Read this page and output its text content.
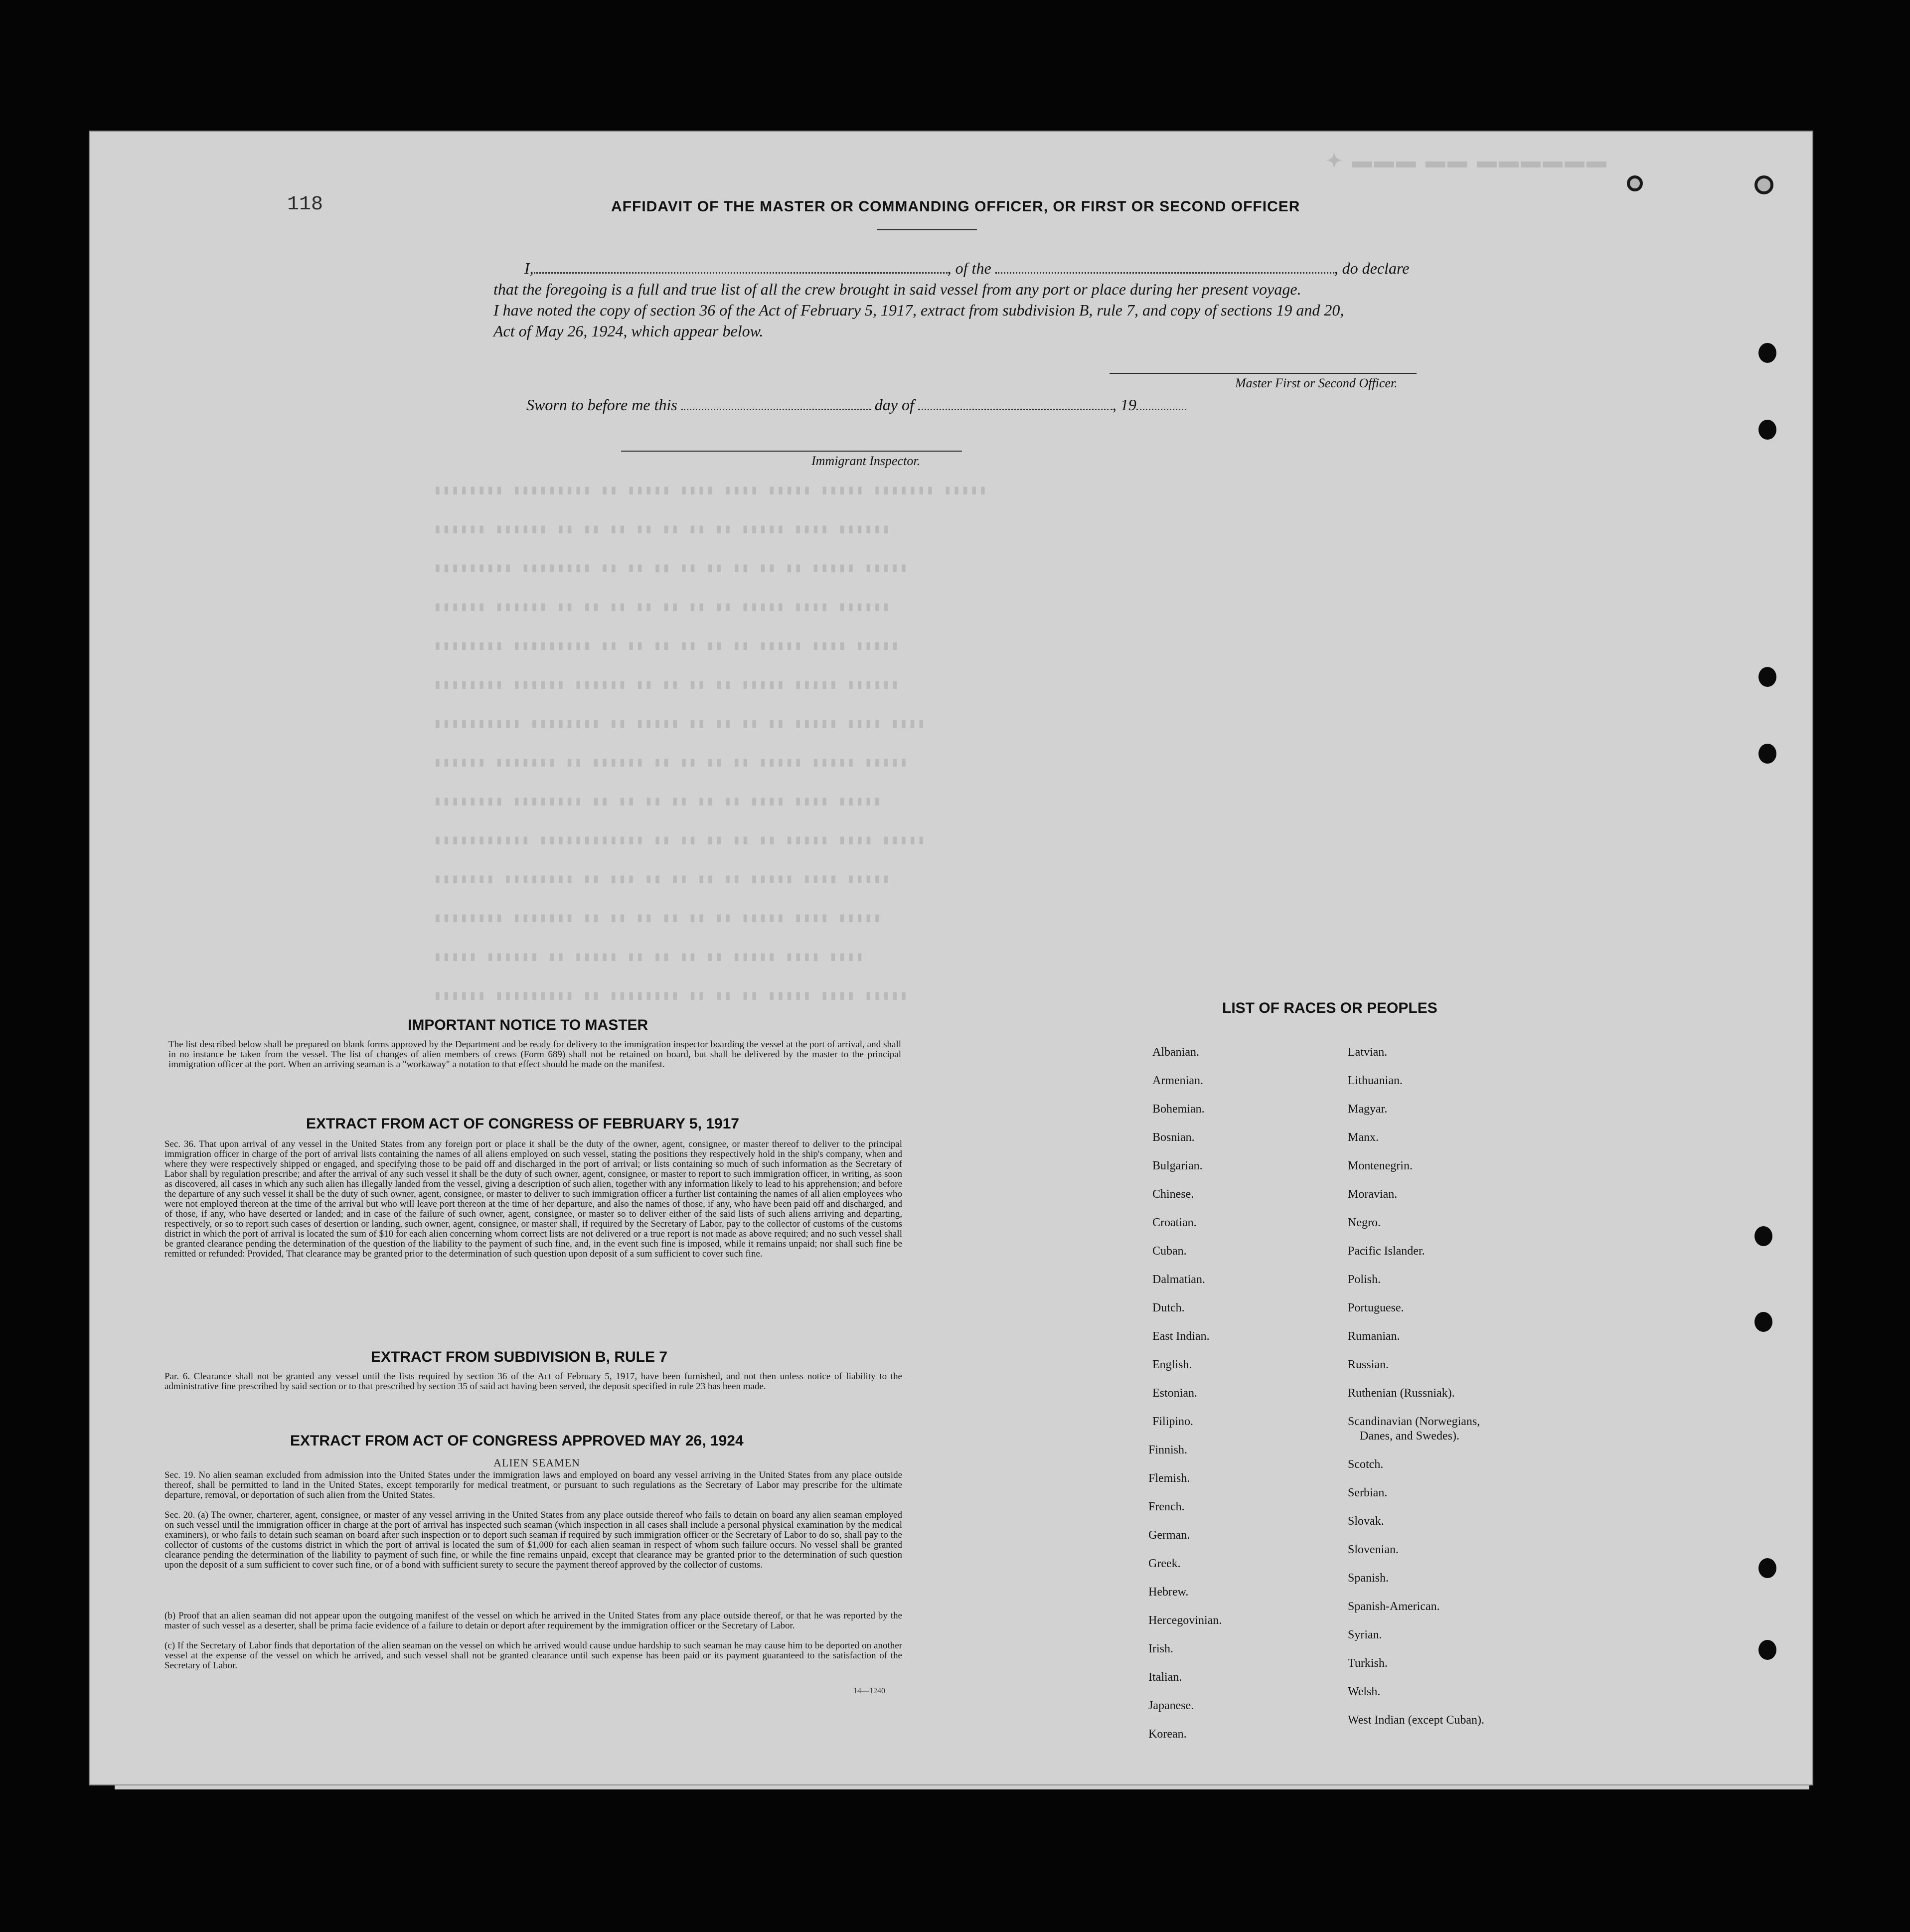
✦ ▬▬▬ ▬▬ ▬▬▬▬▬▬
▮▮▮▮▮▮▮▮ ▮▮▮▮▮▮▮▮▮ ▮▮ ▮▮▮▮▮ ▮▮▮▮ ▮▮▮▮ ▮▮▮▮▮ ▮▮▮▮▮ ▮▮▮▮▮▮▮ ▮▮▮▮▮
▮▮▮▮▮▮ ▮▮▮▮▮▮ ▮▮ ▮▮ ▮▮ ▮▮ ▮▮ ▮▮ ▮▮ ▮▮▮▮▮ ▮▮▮▮ ▮▮▮▮▮▮
▮▮▮▮▮▮▮▮▮ ▮▮▮▮▮▮▮▮ ▮▮ ▮▮ ▮▮ ▮▮ ▮▮ ▮▮ ▮▮ ▮▮ ▮▮▮▮▮ ▮▮▮▮▮
▮▮▮▮▮▮ ▮▮▮▮▮▮ ▮▮ ▮▮ ▮▮ ▮▮ ▮▮ ▮▮ ▮▮ ▮▮▮▮▮ ▮▮▮▮ ▮▮▮▮▮▮
▮▮▮▮▮▮▮▮ ▮▮▮▮▮▮▮▮▮ ▮▮ ▮▮ ▮▮ ▮▮ ▮▮ ▮▮ ▮▮▮▮▮ ▮▮▮▮ ▮▮▮▮▮
▮▮▮▮▮▮▮▮ ▮▮▮▮▮▮ ▮▮▮▮▮▮ ▮▮ ▮▮ ▮▮ ▮▮ ▮▮▮▮▮ ▮▮▮▮▮ ▮▮▮▮▮▮
▮▮▮▮▮▮▮▮▮▮ ▮▮▮▮▮▮▮▮ ▮▮ ▮▮▮▮▮ ▮▮ ▮▮ ▮▮ ▮▮ ▮▮▮▮▮ ▮▮▮▮ ▮▮▮▮
▮▮▮▮▮▮ ▮▮▮▮▮▮▮ ▮▮ ▮▮▮▮▮▮ ▮▮ ▮▮ ▮▮ ▮▮ ▮▮▮▮▮ ▮▮▮▮▮ ▮▮▮▮▮
▮▮▮▮▮▮▮▮ ▮▮▮▮▮▮▮▮ ▮▮ ▮▮ ▮▮ ▮▮ ▮▮ ▮▮ ▮▮▮▮ ▮▮▮▮ ▮▮▮▮▮
▮▮▮▮▮▮▮▮▮▮▮ ▮▮▮▮▮▮▮▮▮▮▮▮ ▮▮ ▮▮ ▮▮ ▮▮ ▮▮ ▮▮▮▮▮ ▮▮▮▮ ▮▮▮▮▮
▮▮▮▮▮▮▮ ▮▮▮▮▮▮▮▮ ▮▮ ▮▮▮ ▮▮ ▮▮ ▮▮ ▮▮ ▮▮▮▮▮ ▮▮▮▮ ▮▮▮▮▮
▮▮▮▮▮▮▮▮ ▮▮▮▮▮▮▮ ▮▮ ▮▮ ▮▮ ▮▮ ▮▮ ▮▮ ▮▮▮▮▮ ▮▮▮▮ ▮▮▮▮▮
▮▮▮▮▮ ▮▮▮▮▮▮ ▮▮ ▮▮▮▮▮ ▮▮ ▮▮ ▮▮ ▮▮ ▮▮▮▮▮ ▮▮▮▮ ▮▮▮▮
▮▮▮▮▮▮ ▮▮▮▮▮▮▮▮▮ ▮▮ ▮▮▮▮▮▮▮▮ ▮▮ ▮▮ ▮▮ ▮▮▮▮▮ ▮▮▮▮ ▮▮▮▮▮
118	AFFIDAVIT OF THE MASTER OR COMMANDING OFFICER, OR FIRST OR SECOND OFFICER
I,	, of the	, do declare
that the foregoing is a full and true list of all the crew brought in said vessel from any port or place during her present voyage.
I have noted the copy of section 36 of the Act of February 5, 1917, extract from subdivision B, rule 7, and copy of sections 19 and 20,
Act of May 26, 1924, which appear below.
Master First or Second Officer.
Sworn to before me this	day of	, 19
Immigrant Inspector.
IMPORTANT NOTICE TO MASTER
The list described below shall be prepared on blank forms approved by the Department and be ready for delivery to the immigration inspector boarding the vessel at the port of arrival, and shall in no instance be taken from the vessel. The list of changes of alien members of crews (Form 689) shall not be retained on board, but shall be delivered by the master to the principal immigration officer at the port. When an arriving seaman is a "workaway" a notation to that effect should be made on the manifest.
EXTRACT FROM ACT OF CONGRESS OF FEBRUARY 5, 1917
Sec. 36. That upon arrival of any vessel in the United States from any foreign port or place it shall be the duty of the owner, agent, consignee, or master thereof to deliver to the principal immigration officer in charge of the port of arrival lists containing the names of all aliens employed on such vessel, stating the positions they respectively hold in the ship's company, when and where they were respectively shipped or engaged, and specifying those to be paid off and discharged in the port of arrival; or lists containing so much of such information as the Secretary of Labor shall by regulation prescribe; and after the arrival of any such vessel it shall be the duty of such owner, agent, consignee, or master to report to such immigration officer, in writing, as soon as discovered, all cases in which any such alien has illegally landed from the vessel, giving a description of such alien, together with any information likely to lead to his apprehension; and before the departure of any such vessel it shall be the duty of such owner, agent, consignee, or master to deliver to such immigration officer a further list containing the names of all alien employees who were not employed thereon at the time of the arrival but who will leave port thereon at the time of her departure, and also the names of those, if any, who have been paid off and discharged, and of those, if any, who have deserted or landed; and in case of the failure of such owner, agent, consignee, or master so to deliver either of the said lists of such aliens arriving and departing, respectively, or so to report such cases of desertion or landing, such owner, agent, consignee, or master shall, if required by the Secretary of Labor, pay to the collector of customs of the customs district in which the port of arrival is located the sum of $10 for each alien concerning whom correct lists are not delivered or a true report is not made as above required; and no such vessel shall be granted clearance pending the determination of the question of the liability to the payment of such fine, and, in the event such fine is imposed, while it remains unpaid; nor shall such fine be remitted or refunded: Provided, That clearance may be granted prior to the determination of such question upon deposit of a sum sufficient to cover such fine.
EXTRACT FROM SUBDIVISION B, RULE 7
Par. 6. Clearance shall not be granted any vessel until the lists required by section 36 of the Act of February 5, 1917, have been furnished, and not then unless notice of liability to the administrative fine prescribed by said section or to that prescribed by section 35 of said act having been served, the deposit specified in rule 23 has been made.
EXTRACT FROM ACT OF CONGRESS APPROVED MAY 26, 1924
ALIEN SEAMEN
Sec. 19. No alien seaman excluded from admission into the United States under the immigration laws and employed on board any vessel arriving in the United States from any place outside thereof, shall be permitted to land in the United States, except temporarily for medical treatment, or pursuant to such regulations as the Secretary of Labor may prescribe for the ultimate departure, removal, or deportation of such alien from the United States.
Sec. 20. (a) The owner, charterer, agent, consignee, or master of any vessel arriving in the United States from any place outside thereof who fails to detain on board any alien seaman employed on such vessel until the immigration officer in charge at the port of arrival has inspected such seaman (which inspection in all cases shall include a personal physical examination by the medical examiners), or who fails to detain such seaman on board after such inspection or to deport such seaman if required by such immigration officer or the Secretary of Labor to do so, shall pay to the collector of customs of the customs district in which the port of arrival is located the sum of $1,000 for each alien seaman in respect of whom such failure occurs. No vessel shall be granted clearance pending the determination of the liability to payment of such fine, or while the fine remains unpaid, except that clearance may be granted prior to the determination of such question upon the deposit of a sum sufficient to cover such fine, or of a bond with sufficient surety to secure the payment thereof approved by the collector of customs.
(b) Proof that an alien seaman did not appear upon the outgoing manifest of the vessel on which he arrived in the United States from any place outside thereof, or that he was reported by the master of such vessel as a deserter, shall be prima facie evidence of a failure to detain or deport after requirement by the immigration officer or the Secretary of Labor.
(c) If the Secretary of Labor finds that deportation of the alien seaman on the vessel on which he arrived would cause undue hardship to such seaman he may cause him to be deported on another vessel at the expense of the vessel on which he arrived, and such vessel shall not be granted clearance until such expense has been paid or its payment guaranteed to the satisfaction of the Secretary of Labor.
14—1240
LIST OF RACES OR PEOPLES
Albanian.
Armenian.
Bohemian.
Bosnian.
Bulgarian.
Chinese.
Croatian.
Cuban.
Dalmatian.
Dutch.
East Indian.
English.
Estonian.
Filipino.
Finnish.
Flemish.
French.
German.
Greek.
Hebrew.
Hercegovinian.
Irish.
Italian.
Japanese.
Korean.
Latvian.
Lithuanian.
Magyar.
Manx.
Montenegrin.
Moravian.
Negro.
Pacific Islander.
Polish.
Portuguese.
Rumanian.
Russian.
Ruthenian (Russniak).
Scandinavian (Norwegians,
Danes, and Swedes).
Scotch.
Serbian.
Slovak.
Slovenian.
Spanish.
Spanish-American.
Syrian.
Turkish.
Welsh.
West Indian (except Cuban).
